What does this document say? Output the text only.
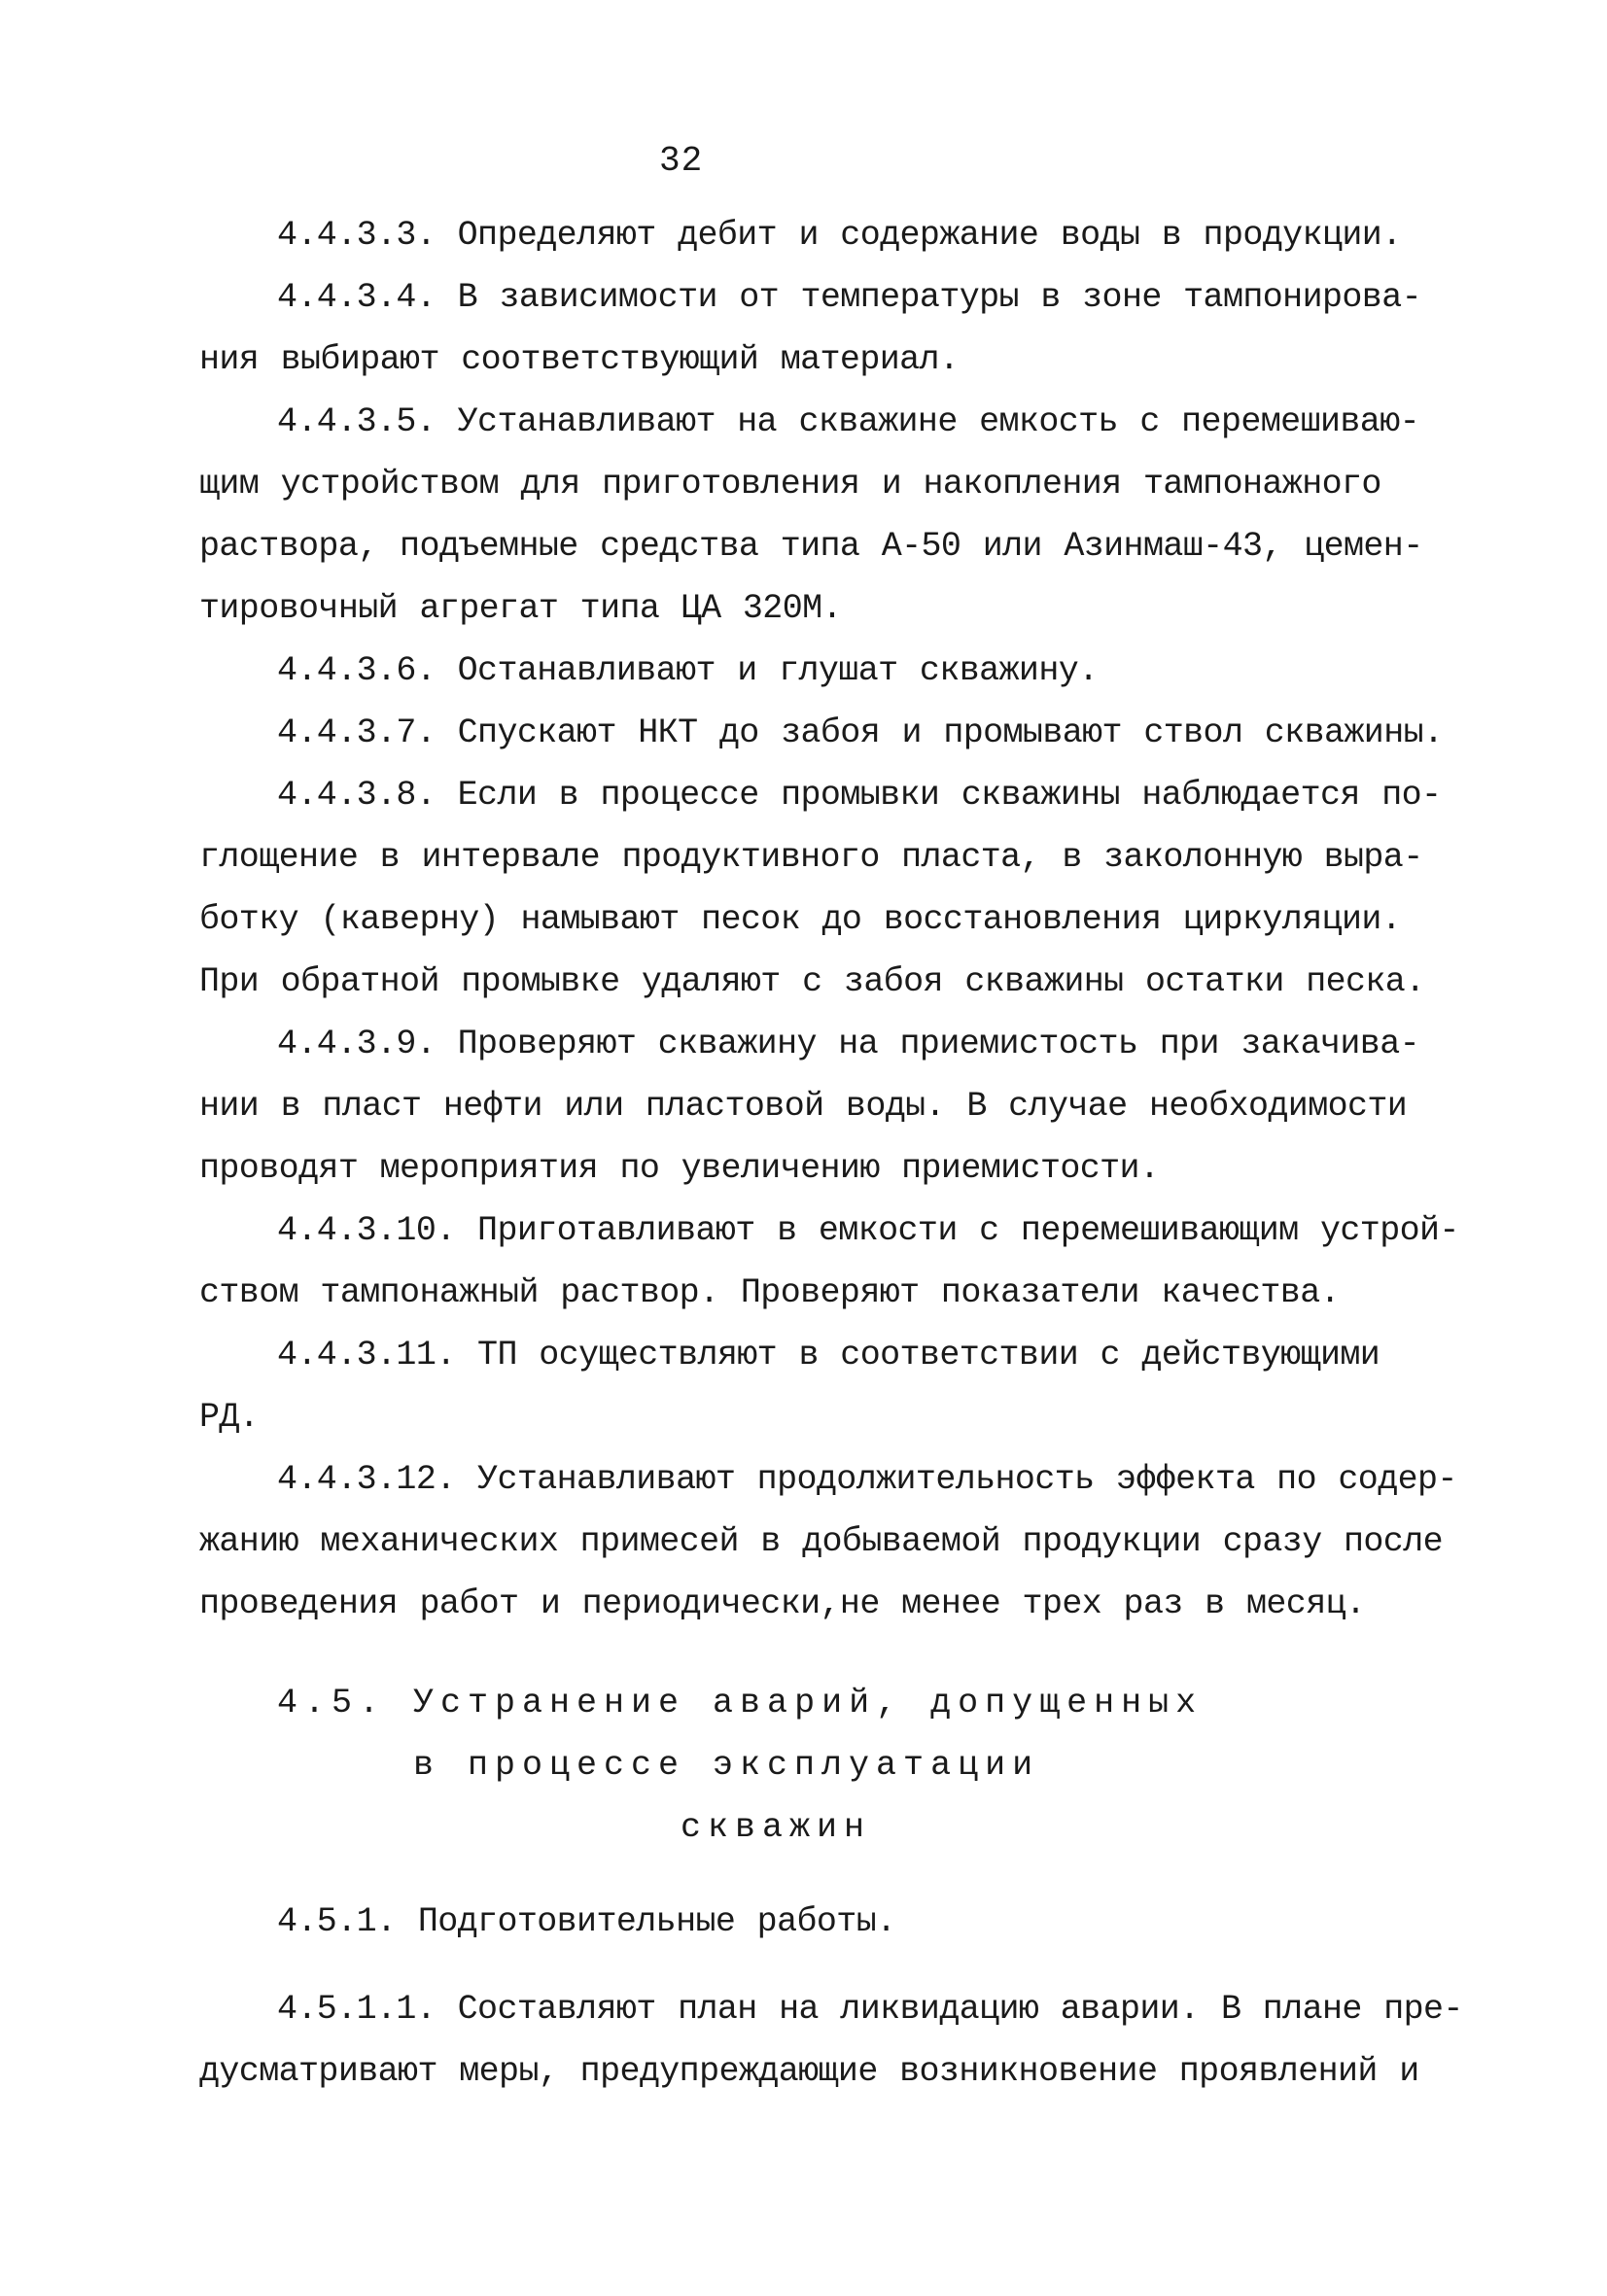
32
4.4.3.3. Определяют дебит и содержание воды в продукции.
4.4.3.4. В зависимости от температуры в зоне тампонирова-
ния выбирают соответствующий материал.
4.4.3.5. Устанавливают на скважине емкость с перемешиваю-
щим устройством для приготовления и накопления тампонажного
раствора, подъемные средства типа А-50 или Азинмаш-43, цемен-
тировочный агрегат типа ЦА 320М.
4.4.3.6. Останавливают и глушат скважину.
4.4.3.7. Спускают НКТ до забоя и промывают ствол скважины.
4.4.3.8. Если в процессе промывки скважины наблюдается по-
глощение в интервале продуктивного пласта, в заколонную выра-
ботку (каверну) намывают песок до восстановления циркуляции.
При обратной промывке удаляют с забоя скважины остатки песка.
4.4.3.9. Проверяют скважину на приемистость при закачива-
нии в пласт нефти или пластовой воды. В случае необходимости
проводят мероприятия по увеличению приемистости.
4.4.3.10. Приготавливают в емкости с перемешивающим устрой-
ством тампонажный раствор. Проверяют показатели качества.
4.4.3.11. ТП осуществляют в соответствии с действующими
РД.
4.4.3.12. Устанавливают продолжительность эффекта по содер-
жанию механических примесей в добываемой продукции сразу после
проведения работ и периодически,не менее трех раз в месяц.
4.5. Устранение аварий, допущенных
в процессе эксплуатации
скважин
4.5.1. Подготовительные работы.
4.5.1.1. Составляют план на ликвидацию аварии. В плане пре-
дусматривают меры, предупреждающие возникновение проявлений и
